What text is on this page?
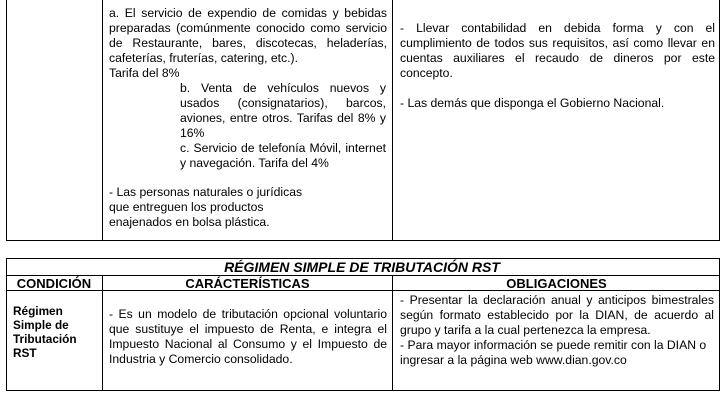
a. El servicio de expendio de comidas y bebidas preparadas (comúnmente conocido como servicio de Restaurante, bares, discotecas, heladerías, cafeterías, fruterías, catering, etc.).

Tarifa del 8%

b. Venta de vehículos nuevos y usados (consignatarios), barcos, aviones, entre otros. Tarifas del 8% y 16%

c. Servicio de telefonía Móvil, internet y navegación. Tarifa del 4%

- Las personas naturales o jurídicas que entreguen los productos enajenados en bolsa plástica.

- Llevar contabilidad en debida forma y con el cumplimiento de todos sus requisitos, así como llevar en cuentas auxiliares el recaudo de dineros por este concepto.

- Las demás que disponga el Gobierno Nacional.

RÉGIMEN SIMPLE DE TRIBUTACIÓN RST
CONDICIÓN	CARÁCTERÍSTICAS	OBLIGACIONES
Régimen Simple de Tributación RST
- Es un modelo de tributación opcional voluntario que sustituye el impuesto de Renta, e integra el Impuesto Nacional al Consumo y el Impuesto de Industria y Comercio consolidado.

- Presentar la declaración anual y anticipos bimestrales según formato establecido por la DIAN, de acuerdo al grupo y tarifa a la cual pertenezca la empresa.

- Para mayor información se puede remitir con la DIAN o ingresar a la página web www.dian.gov.co
